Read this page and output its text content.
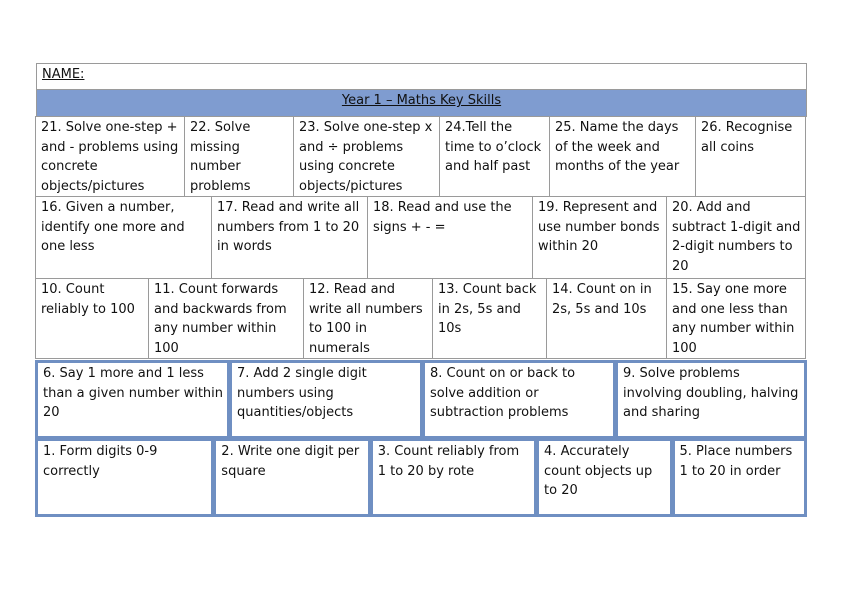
NAME:
Year 1 – Maths Key Skills
21. Solve one-step + and - problems using concrete objects/pictures
22. Solve missing number problems
23. Solve one-step x and ÷ problems using concrete objects/pictures
24.Tell the time to o’clock and half past
25. Name the days of the week and months of the year
26. Recognise all coins
16. Given a number, identify one more and one less
17. Read and write all numbers from 1 to 20 in words
18. Read and use the signs + - =
19. Represent and use number bonds within 20
20. Add and subtract 1-digit and 2-digit numbers to 20
10. Count reliably to 100
11. Count forwards and backwards from any number within 100
12. Read and write all numbers to 100 in numerals
13. Count back in 2s, 5s and 10s
14. Count on in 2s, 5s and 10s
15. Say one more and one less than any number within 100
6. Say 1 more and 1 less than a given number within 20
7. Add 2 single digit numbers using quantities/objects
8. Count on or back to solve addition or subtraction problems
9. Solve problems involving doubling, halving and sharing
1. Form digits 0-9 correctly
2. Write one digit per square
3. Count reliably from 1 to 20 by rote
4. Accurately count objects up to 20
5. Place numbers 1 to 20 in order
